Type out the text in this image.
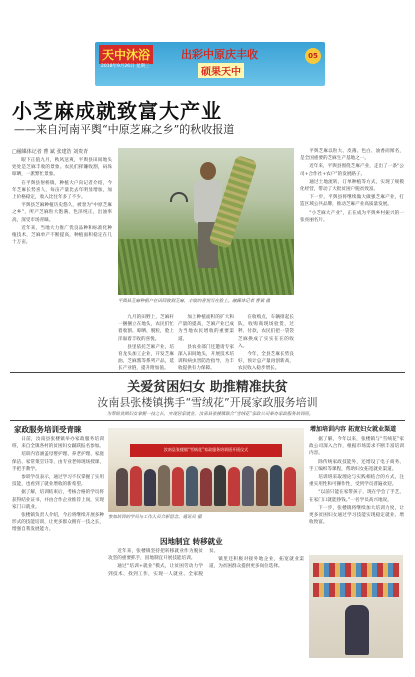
天中沐浴	出彩中原庆丰收
硕果天中
2018年9月26日 星期三
05
小芝麻成就致富大产业
——来自河南平舆“中原芝麻之乡”的秋收报道
□融媒体记者 曹 斌 张建浩 刘贵青

眼下正值九月，秋风送爽，平舆县田间地头处处是芝麻丰收的景象。农民们挥镰收割，码垛晾晒，一派繁忙景象。

在平舆县射桥镇，种植大户向记者介绍，今年芝麻长势喜人，每亩产量比去年明显增加，加上价格稳定，收入比往年多了不少。

平舆县芝麻种植历史悠久，被誉为“中原芝麻之乡”，所产芝麻粒大饱满、色泽纯正、出油率高，深受市场青睐。

近年来，当地大力推广优良品种和标准化种植技术，芝麻单产不断提高，种植面积稳定在几十万亩。

平舆县芝麻种植户在田间收割芝麻，丰收的喜悦写在脸上。融媒体记者 曹斌 摄

九月的田野上，芝麻秆一捆捆立在地头，农民们忙着收割、晾晒、脱粒，脸上洋溢着丰收的喜悦。

县里依托芝麻产业，培育龙头加工企业，开发芝麻油、芝麻酱等系列产品，延长产业链，提升附加值。

加上种植面积的扩大和产量的提高，芝麻产业已成为当地农民增收的重要渠道。

县农业部门还邀请专家深入田间地头，开展技术培训和病虫害防治指导，为丰收提供有力保障。

在收购点，车辆排起长队，收购商现场验货、过秤、付款，农民们把一袋袋芝麻换成了实实在在的收入。

今年，全县芝麻长势良好，预计总产量再创新高，农民收入稳步增长。

平舆芝麻以粒大、皮薄、色白、油香而闻名，是全国重要的芝麻生产基地之一。

近年来，平舆县围绕芝麻产业，走出了一条“公司+合作社+农户”的发展路子。

通过土地流转、订单种植等方式，实现了规模化经营，带动了大批贫困户脱贫致富。

下一步，平舆县将继续做大做强芝麻产业，打造区域公共品牌，推动芝麻产业高质量发展。

“小芝麻大产业”，正在成为平舆乡村振兴的一张亮丽名片。

关爱贫困妇女 助推精准扶贫
汝南县张楼镇携手“雪绒花”开展家政服务培训
为帮助贫困妇女掌握一技之长，实现居家就业，汝南县张楼镇联合“雪绒花”家政公司举办家政服务培训班。
家政服务培训受青睐

日前，汝南县张楼镇举办家政服务培训班，来自全镇各村的贫困妇女踊跃报名参加。

培训内容涵盖母婴护理、养老护理、家庭保洁、家常菜烹饪等，由专业老师现场授课、手把手教学。

参训学员表示，通过学习不仅掌握了实用技能，也看到了就业增收的新希望。

据了解，培训结束后，考核合格的学员将获得结业证书，并由合作企业推荐上岗，实现家门口就业。

张楼镇负责人介绍，今后将继续开展多种形式的技能培训，让更多群众拥有一技之长，增强自我发展能力。

汝南县张楼镇“雪绒花”家政服务培训班开班仪式
参加培训的学员与工作人员合影留念。通讯员 摄
因地制宜 转移就业

近年来，张楼镇坚持把转移就业作为脱贫攻坚的重要抓手，因地制宜开展技能培训。

通过“培训+就业”模式，让贫困劳动力学到技术、找到工作，实现一人就业、全家脱贫。

镇里还积极对接外地企业，拓宽就业渠道，为贫困群众提供更多岗位选择。

增加培训内容 拓宽妇女就业渠道

据了解，今年以来，张楼镇与“雪绒花”家政公司深入合作，根据市场需求不断丰富培训内容。

除传统家政技能外，还增设了电子商务、手工编织等课程，帮助妇女拓宽就业渠道。

培训班采取理论与实践相结合的方式，注重实用性和可操作性，受到学员普遍欢迎。

“以前只能在家带孩子，现在学会了手艺，在家门口就能挣钱。”一名学员高兴地说。

下一步，张楼镇将继续加大培训力度，让更多贫困妇女通过学习技能实现稳定就业、增收致富。
